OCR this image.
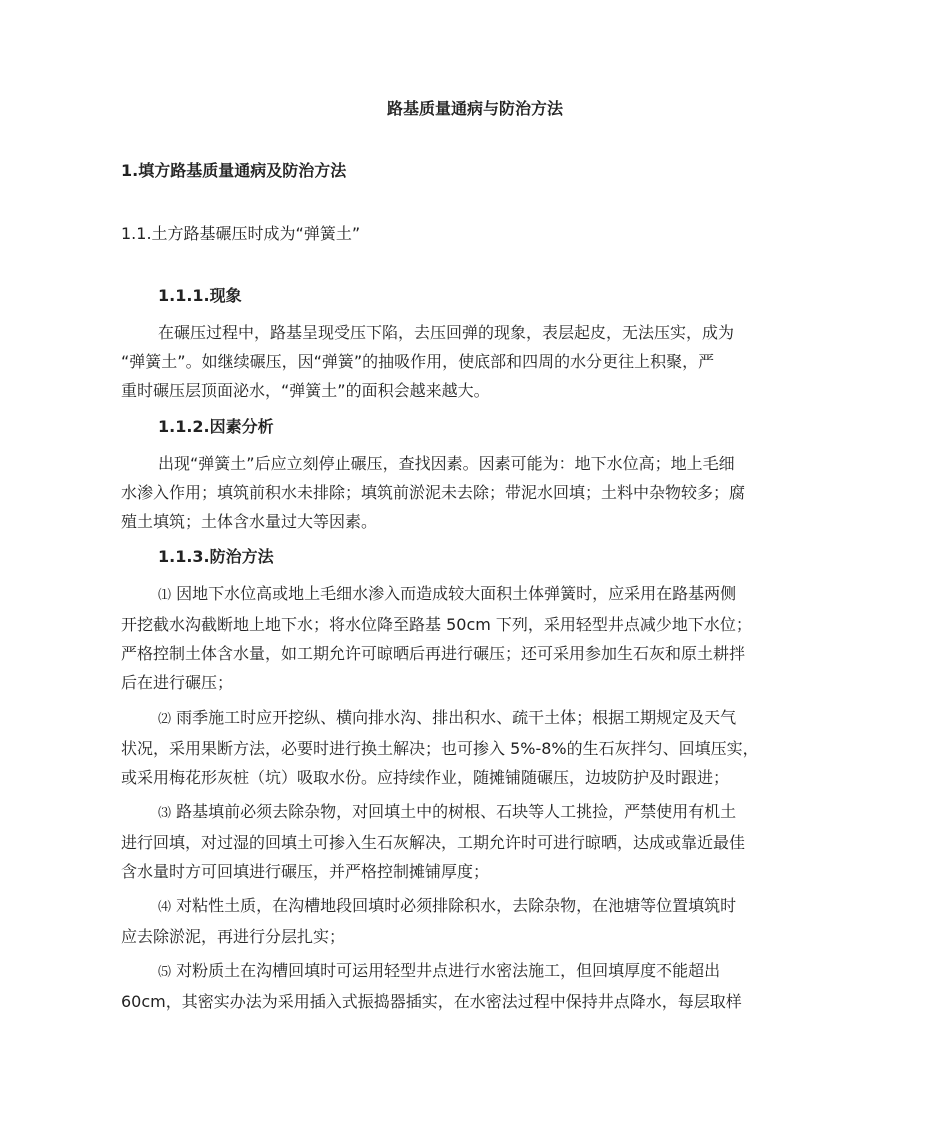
路基质量通病与防治方法
1.填方路基质量通病及防治方法
1.1.土方路基碾压时成为“弹簧土”
1.1.1.现象
在碾压过程中，路基呈现受压下陷，去压回弹的现象，表层起皮，无法压实，成为
“弹簧土”。如继续碾压，因“弹簧”的抽吸作用，使底部和四周的水分更往上积聚，严
重时碾压层顶面泌水，“弹簧土”的面积会越来越大。
1.1.2.因素分析
出现“弹簧土”后应立刻停止碾压，查找因素。因素可能为：地下水位高；地上毛细
水渗入作用；填筑前积水未排除；填筑前淤泥未去除；带泥水回填；土料中杂物较多；腐
殖土填筑；土体含水量过大等因素。
1.1.3.防治方法
⑴ 因地下水位高或地上毛细水渗入而造成较大面积土体弹簧时，应采用在路基两侧
开挖截水沟截断地上地下水；将水位降至路基 50cm 下列，采用轻型井点减少地下水位；
严格控制土体含水量，如工期允许可晾晒后再进行碾压；还可采用参加生石灰和原土耕拌
后在进行碾压；
⑵ 雨季施工时应开挖纵、横向排水沟、排出积水、疏干土体；根据工期规定及天气
状况，采用果断方法，必要时进行换土解决；也可掺入 5%-8%的生石灰拌匀、回填压实，
或采用梅花形灰桩（坑）吸取水份。应持续作业，随摊铺随碾压，边坡防护及时跟进；
⑶ 路基填前必须去除杂物，对回填土中的树根、石块等人工挑捡，严禁使用有机土
进行回填，对过湿的回填土可掺入生石灰解决，工期允许时可进行晾晒，达成或靠近最佳
含水量时方可回填进行碾压，并严格控制摊铺厚度；
⑷ 对粘性土质，在沟槽地段回填时必须排除积水，去除杂物，在池塘等位置填筑时
应去除淤泥，再进行分层扎实；
⑸ 对粉质土在沟槽回填时可运用轻型井点进行水密法施工，但回填厚度不能超出
60cm，其密实办法为采用插入式振捣器插实，在水密法过程中保持井点降水，每层取样
